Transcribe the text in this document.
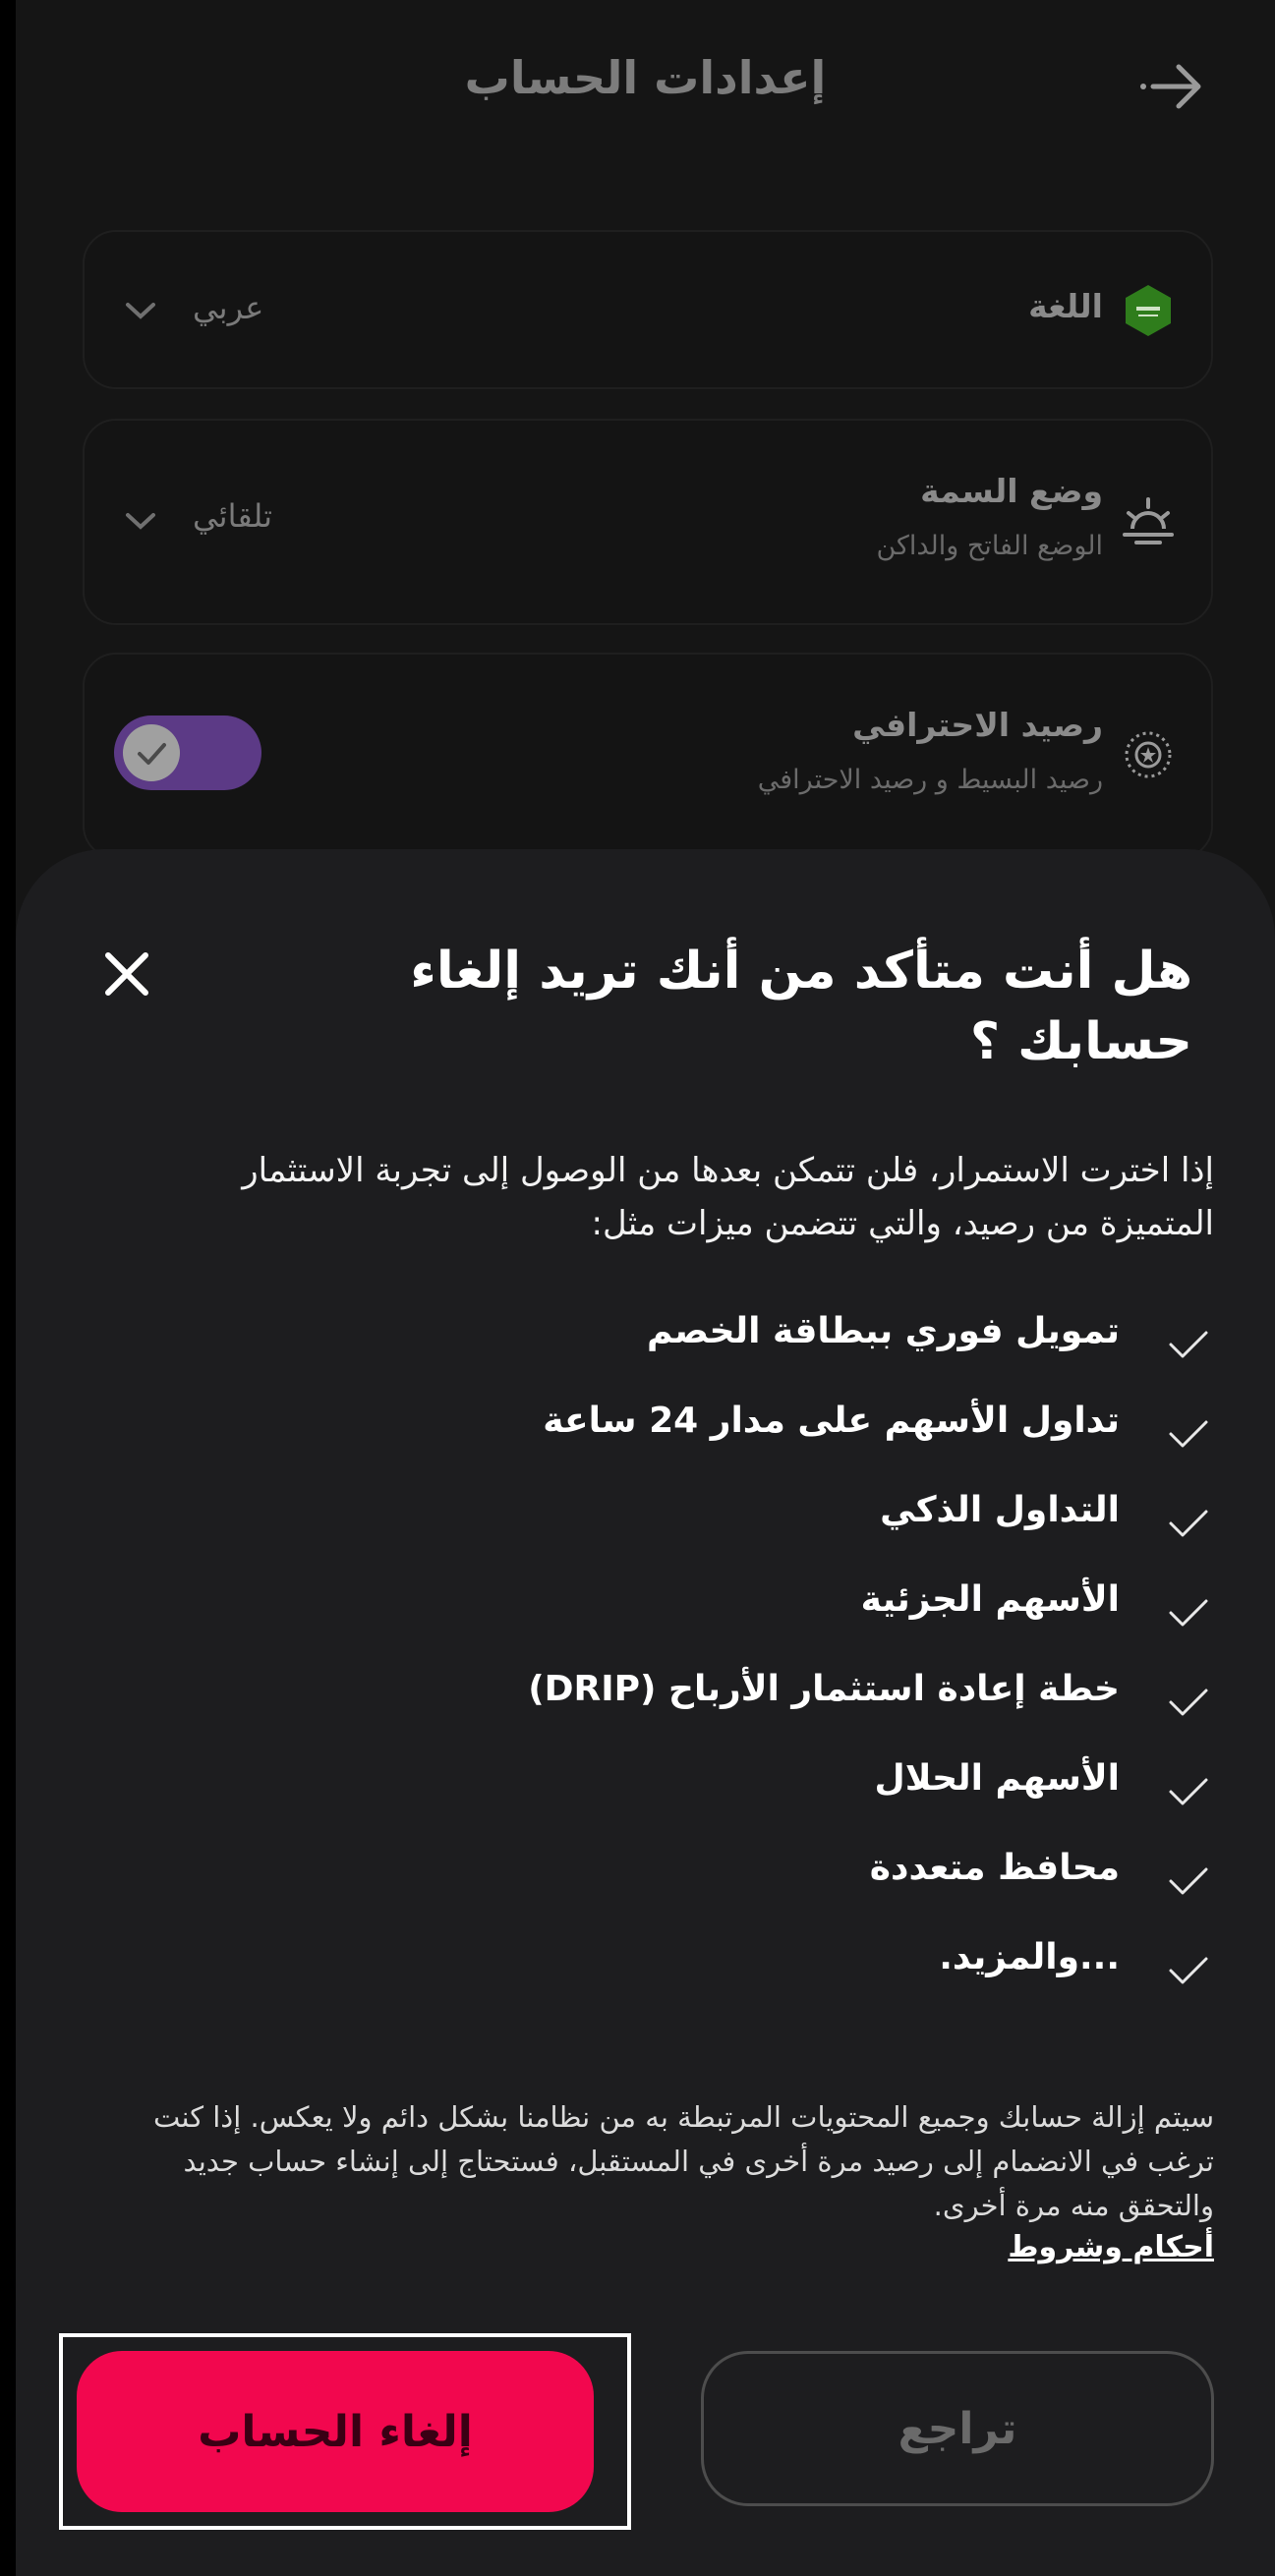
إعدادات الحساب
اللغة
عربي
وضع السمة
الوضع الفاتح والداكن
تلقائي
رصيد الاحترافي
رصيد البسيط و رصيد الاحترافي
هل أنت متأكد من أنك تريد إلغاء حسابك ؟
إذا اخترت الاستمرار، فلن تتمكن بعدها من الوصول إلى تجربة الاستثمار المتميزة من رصيد، والتي تتضمن ميزات مثل:
تمويل فوري ببطاقة الخصم
تداول الأسهم على مدار 24 ساعة
التداول الذكي
الأسهم الجزئية
خطة إعادة استثمار الأرباح (DRIP)
الأسهم الحلال
محافظ متعددة
...والمزيد.
سيتم إزالة حسابك وجميع المحتويات المرتبطة به من نظامنا بشكل دائم ولا يعكس. إذا كنت ترغب في الانضمام إلى رصيد مرة أخرى في المستقبل، فستحتاج إلى إنشاء حساب جديد والتحقق منه مرة أخرى.
أحكام وشروط
تراجع
إلغاء الحساب
